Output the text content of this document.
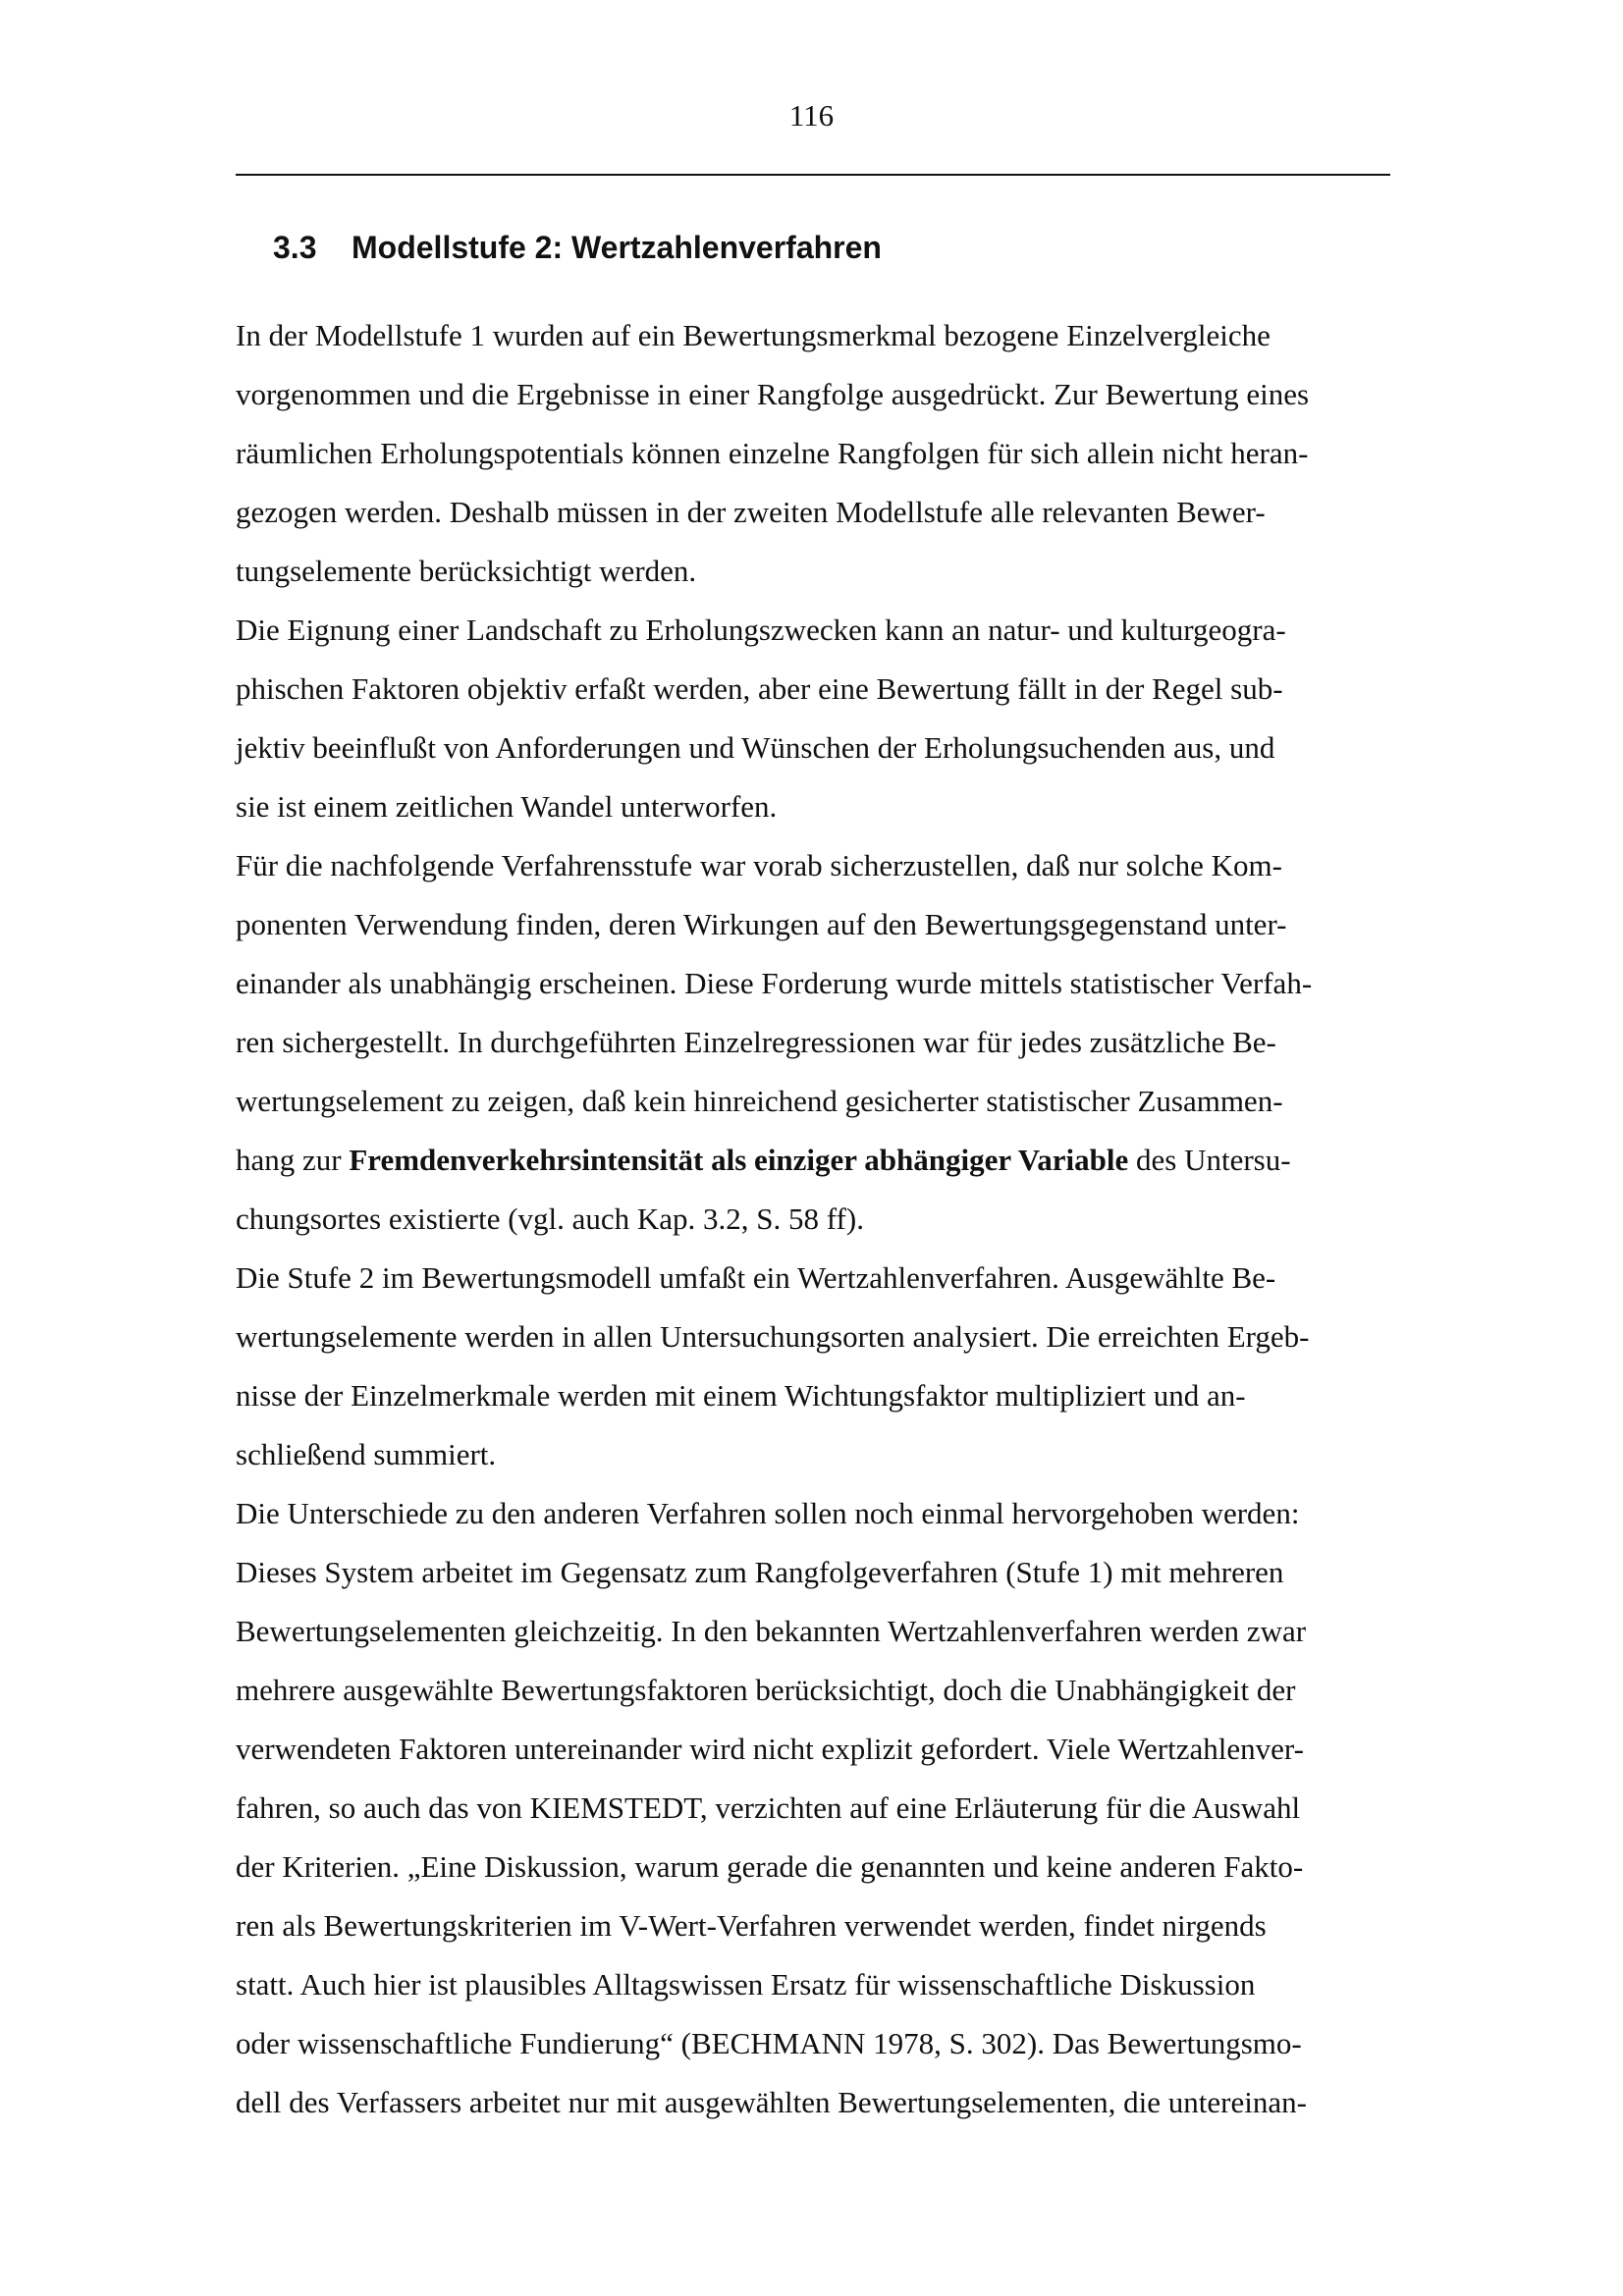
116
3.3 Modellstufe 2: Wertzahlenverfahren
In der Modellstufe 1 wurden auf ein Bewertungsmerkmal bezogene Einzelvergleiche
vorgenommen und die Ergebnisse in einer Rangfolge ausgedrückt. Zur Bewertung eines
räumlichen Erholungspotentials können einzelne Rangfolgen für sich allein nicht heran-
gezogen werden. Deshalb müssen in der zweiten Modellstufe alle relevanten Bewer-
tungselemente berücksichtigt werden.
Die Eignung einer Landschaft zu Erholungszwecken kann an natur- und kulturgeogra-
phischen Faktoren objektiv erfaßt werden, aber eine Bewertung fällt in der Regel sub-
jektiv beeinflußt von Anforderungen und Wünschen der Erholungsuchenden aus, und
sie ist einem zeitlichen Wandel unterworfen.
Für die nachfolgende Verfahrensstufe war vorab sicherzustellen, daß nur solche Kom-
ponenten Verwendung finden, deren Wirkungen auf den Bewertungsgegenstand unter-
einander als unabhängig erscheinen. Diese Forderung wurde mittels statistischer Verfah-
ren sichergestellt. In durchgeführten Einzelregressionen war für jedes zusätzliche Be-
wertungselement zu zeigen, daß kein hinreichend gesicherter statistischer Zusammen-
hang zur Fremdenverkehrsintensität als einziger abhängiger Variable des Untersu-
chungsortes existierte (vgl. auch Kap. 3.2, S. 58 ff).
Die Stufe 2 im Bewertungsmodell umfaßt ein Wertzahlenverfahren. Ausgewählte Be-
wertungselemente werden in allen Untersuchungsorten analysiert. Die erreichten Ergeb-
nisse der Einzelmerkmale werden mit einem Wichtungsfaktor multipliziert und an-
schließend summiert.
Die Unterschiede zu den anderen Verfahren sollen noch einmal hervorgehoben werden:
Dieses System arbeitet im Gegensatz zum Rangfolgeverfahren (Stufe 1) mit mehreren
Bewertungselementen gleichzeitig. In den bekannten Wertzahlenverfahren werden zwar
mehrere ausgewählte Bewertungsfaktoren berücksichtigt, doch die Unabhängigkeit der
verwendeten Faktoren untereinander wird nicht explizit gefordert. Viele Wertzahlenver-
fahren, so auch das von KIEMSTEDT, verzichten auf eine Erläuterung für die Auswahl
der Kriterien. „Eine Diskussion, warum gerade die genannten und keine anderen Fakto-
ren als Bewertungskriterien im V-Wert-Verfahren verwendet werden, findet nirgends
statt. Auch hier ist plausibles Alltagswissen Ersatz für wissenschaftliche Diskussion
oder wissenschaftliche Fundierung“ (BECHMANN 1978, S. 302). Das Bewertungsmo-
dell des Verfassers arbeitet nur mit ausgewählten Bewertungselementen, die untereinan-
